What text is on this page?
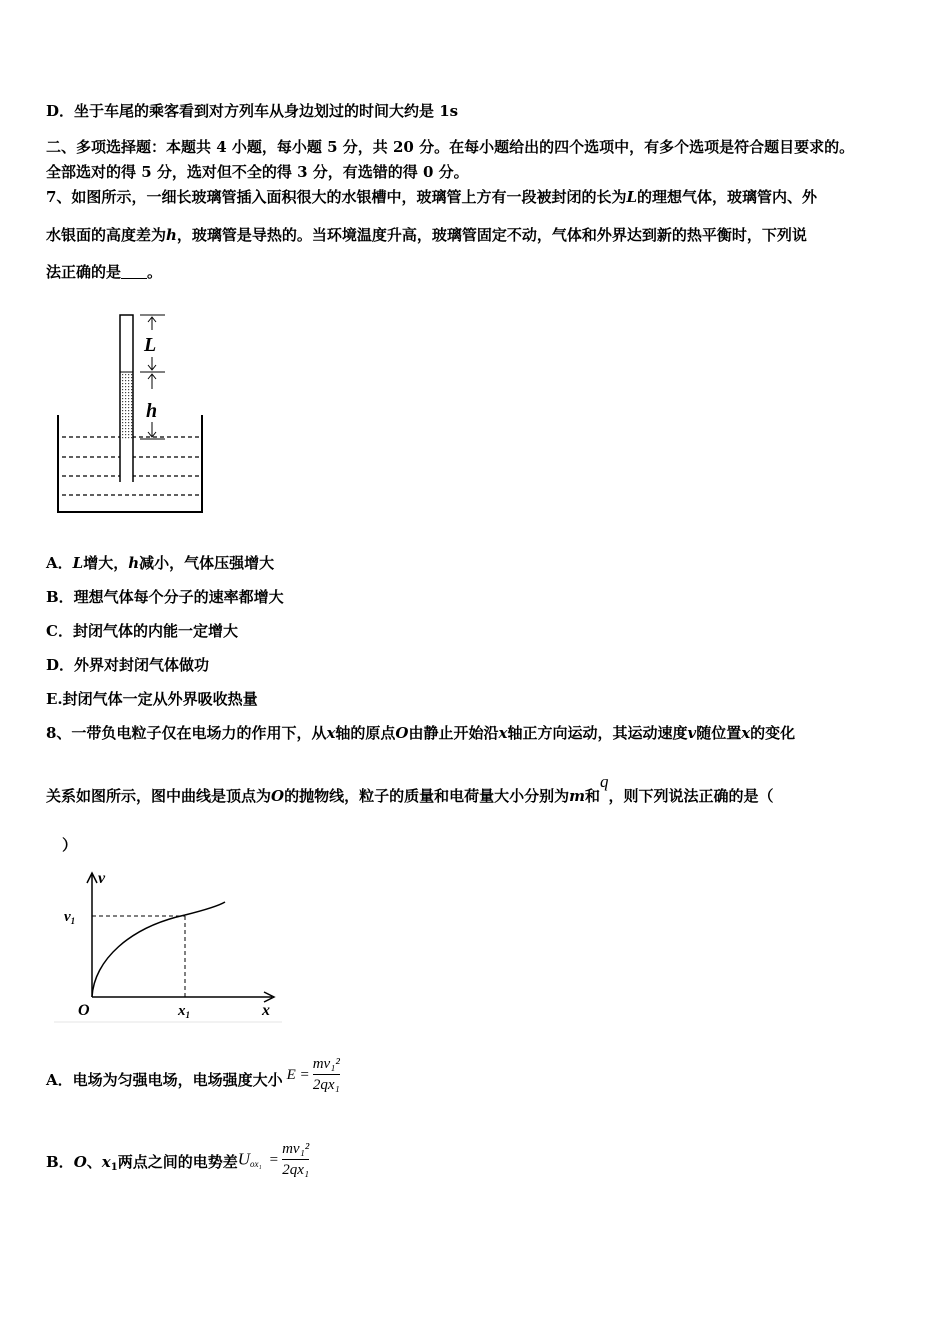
D．坐于车尾的乘客看到对方列车从身边划过的时间大约是 1s
二、多项选择题：本题共 4 小题，每小题 5 分，共 20 分。在每小题给出的四个选项中，有多个选项是符合题目要求的。
全部选对的得 5 分，选对但不全的得 3 分，有选错的得 0 分。
7、如图所示，一细长玻璃管插入面积很大的水银槽中，玻璃管上方有一段被封闭的长为L的理想气体，玻璃管内、外
水银面的高度差为h，玻璃管是导热的。当环境温度升高，玻璃管固定不动，气体和外界达到新的热平衡时，下列说
法正确的是 。
L
h
A．L增大，h减小，气体压强增大
B．理想气体每个分子的速率都增大
C．封闭气体的内能一定增大
D．外界对封闭气体做功
E.封闭气体一定从外界吸收热量
8、一带负电粒子仅在电场力的作用下，从x轴的原点O由静止开始沿x轴正方向运动，其运动速度v随位置x的变化
关系如图所示，图中曲线是顶点为O的抛物线，粒子的质量和电荷量大小分别为m和q，则下列说法正确的是（
）
v
x
O
$v_1$
$x_1$
A．电场为匀强电场，电场强度大小 $E = \frac{\text{mv₁²}}{\text{2qx₁}}$
B．O、$x_1$两点之间的电势差$U_{ox_1} = \frac{\text{mv₁²}}{\text{2qx₁}}$
